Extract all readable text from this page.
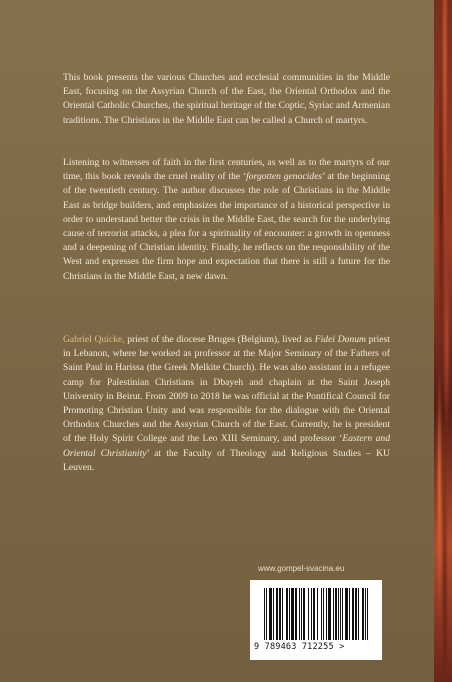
This book presents the various Churches and ecclesial communities in the Middle East, focusing on the Assyrian Church of the East, the Oriental Orthodox and the Oriental Catholic Churches, the spiritual heritage of the Coptic, Syriac and Armenian traditions. The Christians in the Middle East can be called a Church of martyrs.

Listening to witnesses of faith in the first centuries, as well as to the martyrs of our time, this book reveals the cruel reality of the ‘forgotten genocides’ at the beginning of the twentieth century. The author discusses the role of Christians in the Middle East as bridge builders, and emphasizes the importance of a historical perspective in order to understand better the crisis in the Middle East, the search for the underlying cause of terrorist attacks, a plea for a spirituality of encounter: a growth in openness and a deepening of Christian identity. Finally, he reflects on the responsibility of the West and expresses the firm hope and expectation that there is still a future for the Christians in the Middle East, a new dawn.

Gabriel Quicke, priest of the diocese Bruges (Belgium), lived as Fidei Donum priest in Lebanon, where he worked as professor at the Major Seminary of the Fathers of Saint Paul in Harissa (the Greek Melkite Church). He was also assistant in a refugee camp for Palestinian Christians in Dbayeh and chaplain at the Saint Joseph University in Beirut. From 2009 to 2018 he was official at the Pontifical Council for Promoting Christian Unity and was responsible for the dialogue with the Oriental Orthodox Churches and the Assyrian Church of the East. Currently, he is president of the Holy Spirit College and the Leo XIII Seminary, and professor ‘Eastern and Oriental Christianity’ at the Faculty of Theology and Religious Studies – KU Leuven.

www.gompel-svacina.eu
9 789463 712255 >
